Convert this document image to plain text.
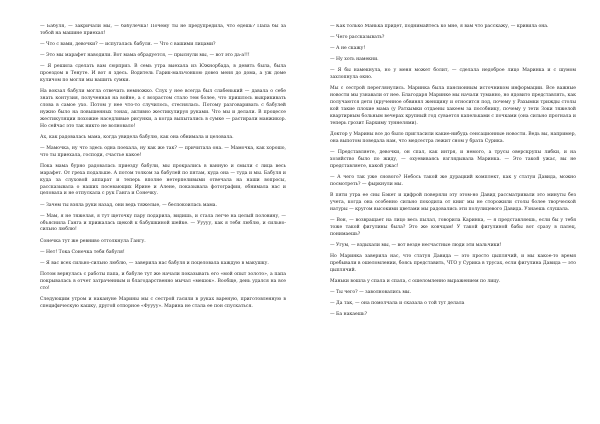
— Бабуля, — закричали мы, — бабулечка! Почему ты не предупредила, что едешь? Папа бы за тобой на машине приехал!

— Что с вами, девочки? — испугалась бабуля. — Что с вашими лицами?

— Это мы марафет наводили. Вот мама обрадуется, — прыснули мы, — вот это да-а!!!

— Я решила сделать вам сюрприз. В семь утра выехала из Южнорбада, в девять была, была проездом в Тенуте. И вот я здесь. Водитель Гарик-мальчонкою довез меня до дома, а уж доме куличом по могли мы вашить сумки.

На вокзал бабули могла отвечать немножко. Слух у нее всегда был слабенький — давала о себе знать контузия, полученная на войне, а с возрастом стало тем более, что пришлось выкрикивать слова в самое ухо. Потом у нее что-то случилось, стеснялась. Потому разговаривать с бабулей нужно было на повышенных тонах, активно жестикулируя руками. Что мы и делали. В процессе жестикуляции похожие наседливые рисунки, а когда выпытались в сумке — растирали манжикор. Но сейчас это так никто не волновало!

Ах, как радовалась мама, когда увидела бабулю, как она обнимала и целовала.

— Мамочка, ну что здесь одна поехала, ну как же так? — причитала она. — Мамочка, как хорошо, что ты приехала, господи, счастье какое!

Пока мама бурно радовалась приезду бабули, мы прокрались в ванную и смыли с лица весь марафет. От греха подальше. А потом толком за бабулей по пятам, куда она — туда и мы. Бабуля и куда за слуховой аппарат и теперь вполне нетерпеливыми отвечала на наши вопросы, рассказывала о наших посевающих Ирине и Алене, показывала фотографии, обнимала нас и целовала и не отпускала с рук Ганга и Сонечку.

— Зачем ты взяла руки назад, они ведь тяжелые, — беспокоилась мама.

— Мам, я не тяжелая, я тут щеточку пару подарила, видишь, и стала легче на целый половину, — объяснила Ганга и прижалась щекой к бабушкиной шейке. — Ууууу, как я тебя люблю, и сильно-сильно люблю!

Сонечка тут же ревниво оттолкнула Гангу.

— Нет! Тока Сонечка тебя бабуля!

— Я вас всех сильно-сильно люблю, — заверила нас бабуля и поцеловала каждую в макушку.

Потом вернулась с работы папа, и бабуле тут же начали показывать его «мой опыт золото», а папа покрывалась в отчет затраченным и благодарственно мычал «мешок». Вообще, день удался на все сто!

Следующим утром и накануне Марины мы с сестрой гасили в рукаx вареную, приготовленную в специфическую кашку, другой отпорное «Фуууу». Марина не стала ее пон спускаться.

— Как только Манька придет, поднимайтесь ко мне, я вам что расскажу, — кривила она.

— Чего рассказывать?

— А не скажу!

— Ну хоть намекни.

— Я бы намекнула, но у меня может болит, — сделала недоброе лицо Маринка и с шумом захлопнула окно.

Мы с сестрой переглянулись. Маринка была пансионным источником информации. Все важные новости мы узнавали от нее. Благодаря Маринке мы начали туманно, но ядовито представлять, как получаются дети (крученное обвинял женщину и относится под, почему у Рахымки трижды столы кой такие плохие мама (у Ратхымки отдаены хакеем за пособнику, почему у тети Зоки тяжелой квартирным больным вечерах крупный год сувается капельками с почками (она сильно прогнала и теперь грозит Бархиму туннелями).

Доктор у Марины все до было пригласили какие-нибудь сенсационные новости. Ведь вы, например, она выпотом поведала нам, что медсестра лежит сном у брата Сурика.

— Представляете, девочки, он спал, как интря, и немого, а трусы оверскрупы либки, и на хозяйство было по жиду, — охуевиваясь взглядывала Маринка. — Это такой ужас, вы не представляете, какой ужас!

— А чего так уже снового? Небось такой же дурацкий комплект, как у статуи Давида, можно посмотреть? — фыркнули мы.

В пяти утра ее сны Бэкет и цифрой поверяли эту этом-но Давид рассматривали это минуты без учета, когда она особенно сильно походила от книг мы не сторожили столы более творческой натуры — кругом высокими цветами мы радовались эти полулицевого Давида. Узнаешь слушала.

— Вон, — возвращает на лицо весь пылал, говорила Каринка, — я представляешь, если бы у тебя тоже такой фигулины была? Это же ковчцам! У такой фигулиной бабы вот сразу в палец, понимаешь?

— Угум, — вздыхали мы, — вот везде несчастные люди эти мальчики!

Но Маринка заверила нас, что статуя Давида — это просто цыплячий, и мы какое-то время пребывали в ошеломлении, боясь представить, ЧТО у Сурика в трусах, если фигулина Давида — это цыплячий.

Маньки вошла у спала и спала, с ошеломленно выражением по лицу.

— Ты чего? — заволновались мы.

— Да так, — она помолчала и сказала о той тут делала

— Ба накаешь?
